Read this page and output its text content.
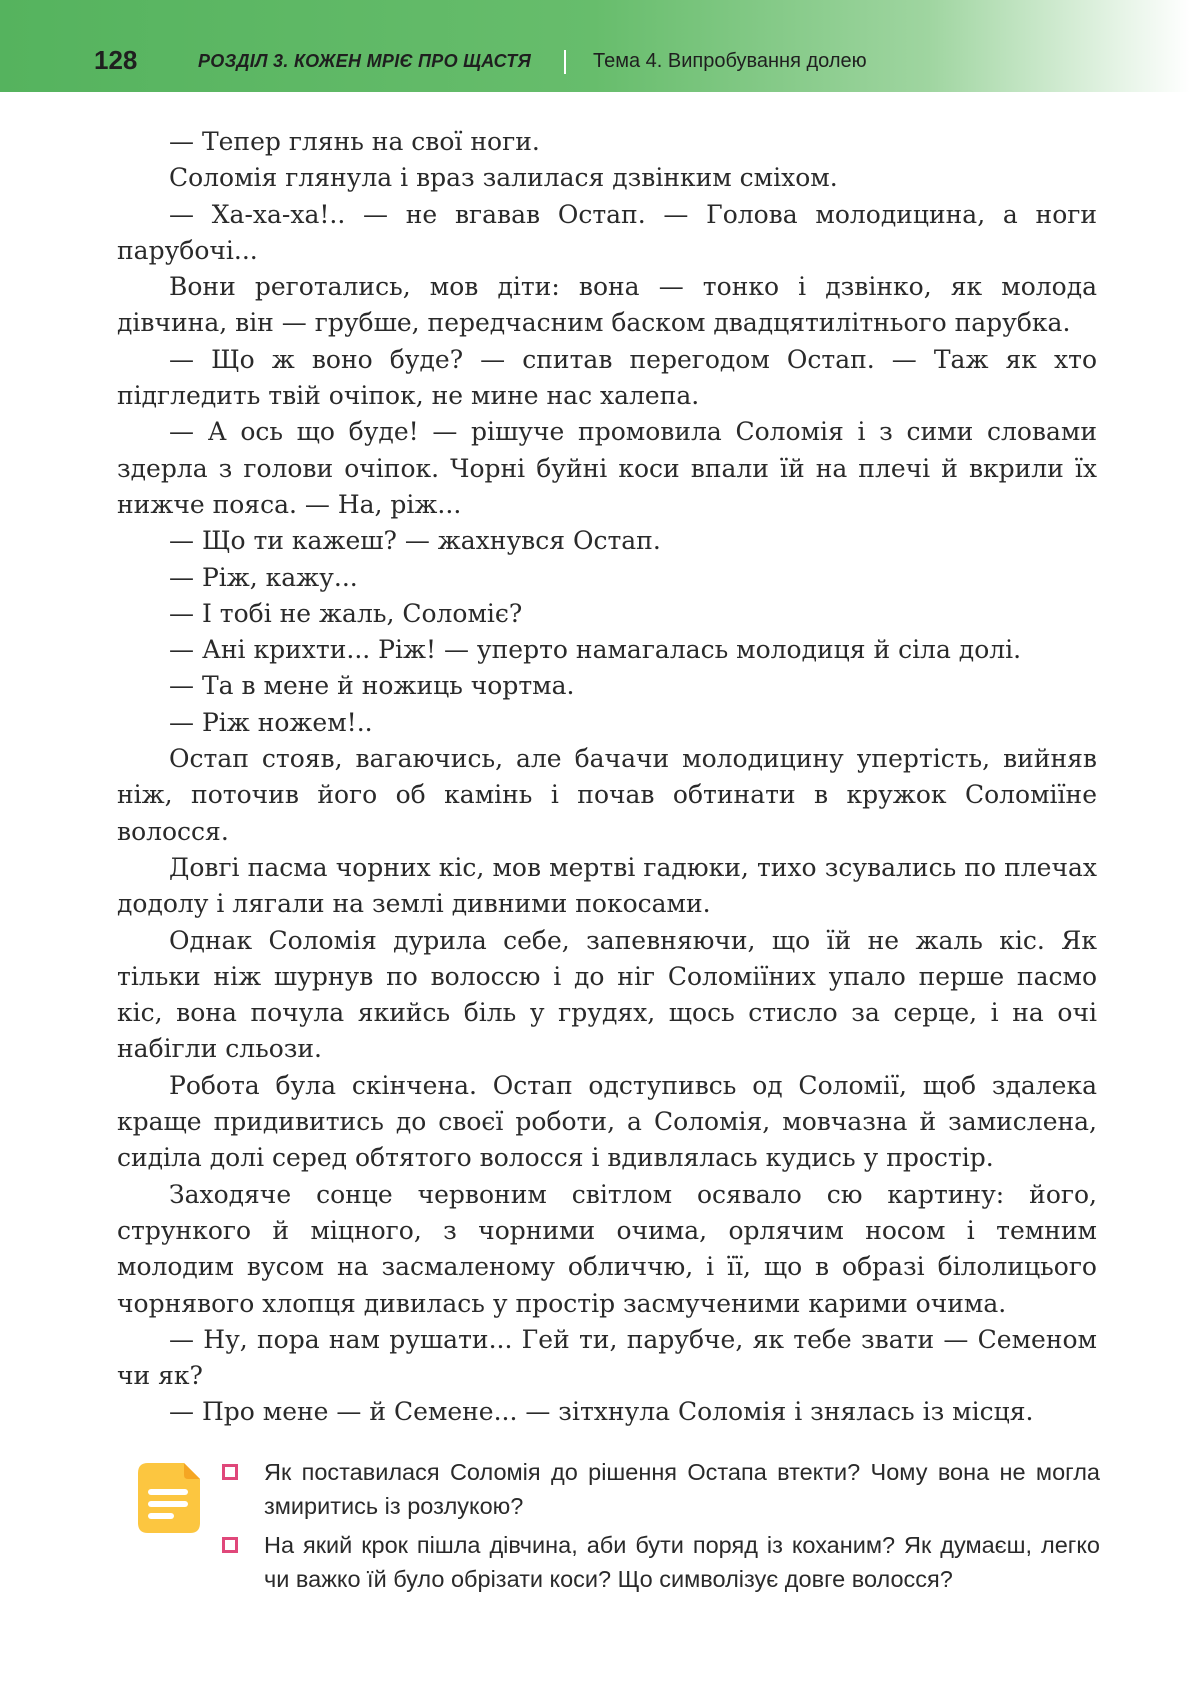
128	РОЗДІЛ 3. КОЖЕН МРІЄ ПРО ЩАСТЯ	Тема 4. Випробування долею

— Тепер глянь на свої ноги.

Соломія глянула і враз залилася дзвінким сміхом.

— Ха-ха-ха!.. — не вгавав Остап. — Голова молодицина, а ноги парубочі...

Вони реготались, мов діти: вона — тонко і дзвінко, як молода дівчина, він — грубше, передчасним баском двадцятилітнього парубка.

— Що ж воно буде? — спитав перегодом Остап. — Таж як хто підгледить твій очіпок, не мине нас халепа.

— А ось що буде! — рішуче промовила Соломія і з сими словами здерла з голови очіпок. Чорні буйні коси впали їй на плечі й вкрили їх нижче пояса. — На, ріж...

— Що ти кажеш? — жахнувся Остап.

— Ріж, кажу...

— І тобі не жаль, Соломіє?

— Ані крихти... Ріж! — уперто намагалась молодиця й сіла долі.

— Та в мене й ножиць чортма.

— Ріж ножем!..

Остап стояв, вагаючись, але бачачи молодицину упертість, вийняв ніж, поточив його об камінь і почав обтинати в кружок Соломіїне волосся.

Довгі пасма чорних кіс, мов мертві гадюки, тихо зсувались по плечах додолу і лягали на землі дивними покосами.

Однак Соломія дурила себе, запевняючи, що їй не жаль кіс. Як тільки ніж шурнув по волоссю і до ніг Соломіїних упало перше пасмо кіс, вона почула якийсь біль у грудях, щось стисло за серце, і на очі набігли сльози.

Робота була скінчена. Остап одступивсь од Соломії, щоб здалека краще придивитись до своєї роботи, а Соломія, мовчазна й замислена, сиділа долі серед обтятого волосся і вдивлялась кудись у простір.

Заходяче сонце червоним світлом осявало сю картину: його, стрункого й міцного, з чорними очима, орлячим носом і темним молодим вусом на засмаленому обличчю, і її, що в образі білолицього чорнявого хлопця дивилась у простір засмученими карими очима.

— Ну, пора нам рушати... Гей ти, парубче, як тебе звати — Семеном чи як?

— Про мене — й Семене... — зітхнула Соломія і знялась із місця.

Як поставилася Соломія до рішення Остапа втекти? Чому вона не могла змиритись із розлукою?
На який крок пішла дівчина, аби бути поряд із коханим? Як думаєш, легко чи важко їй було обрізати коси? Що символізує довге волосся?
